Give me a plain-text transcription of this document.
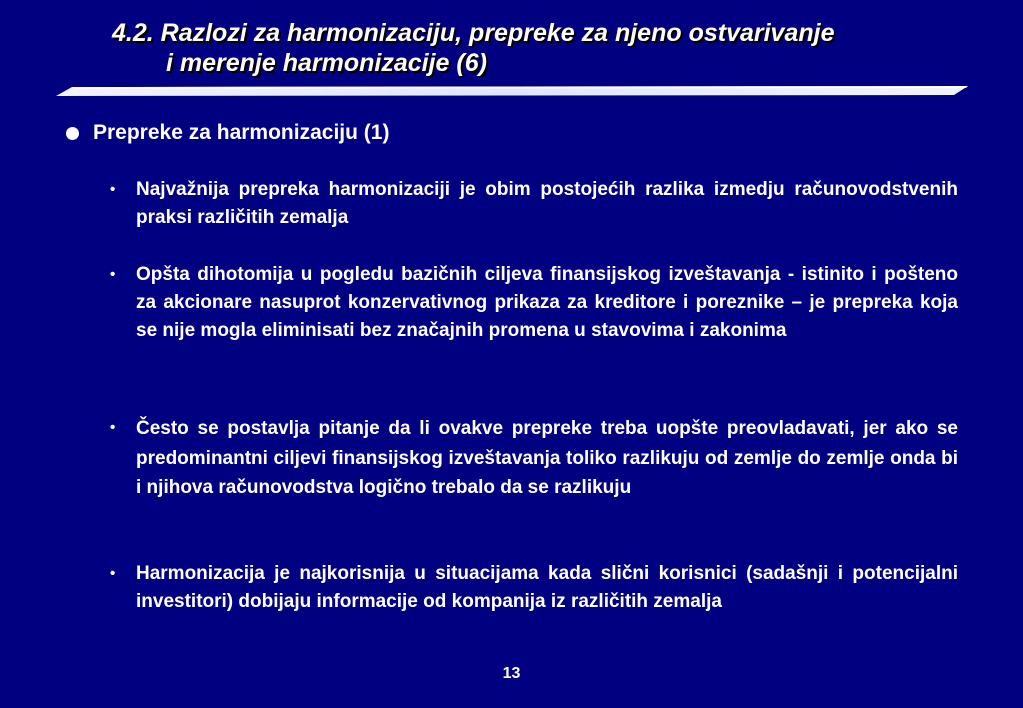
4.2. Razlozi za harmonizaciju, prepreke za njeno ostvarivanje
i merenje harmonizacije (6)
Prepreke za harmonizaciju (1)
•	Najvažnija prepreka harmonizaciji je obim postojećih razlika izmedju računovodstvenih praksi različitih zemalja
•	Opšta dihotomija u pogledu bazičnih ciljeva finansijskog izveštavanja - istinito i pošteno za akcionare nasuprot konzervativnog prikaza za kreditore i poreznike – je prepreka koja se nije mogla eliminisati bez značajnih promena u stavovima i zakonima
•	Često se postavlja pitanje da li ovakve prepreke treba uopšte preovladavati, jer ako se predominantni ciljevi finansijskog izveštavanja toliko razlikuju od zemlje do zemlje onda bi i njihova računovodstva logično trebalo da se razlikuju
•	Harmonizacija je najkorisnija u situacijama kada slični korisnici (sadašnji i potencijalni investitori) dobijaju informacije od kompanija iz različitih zemalja
13
